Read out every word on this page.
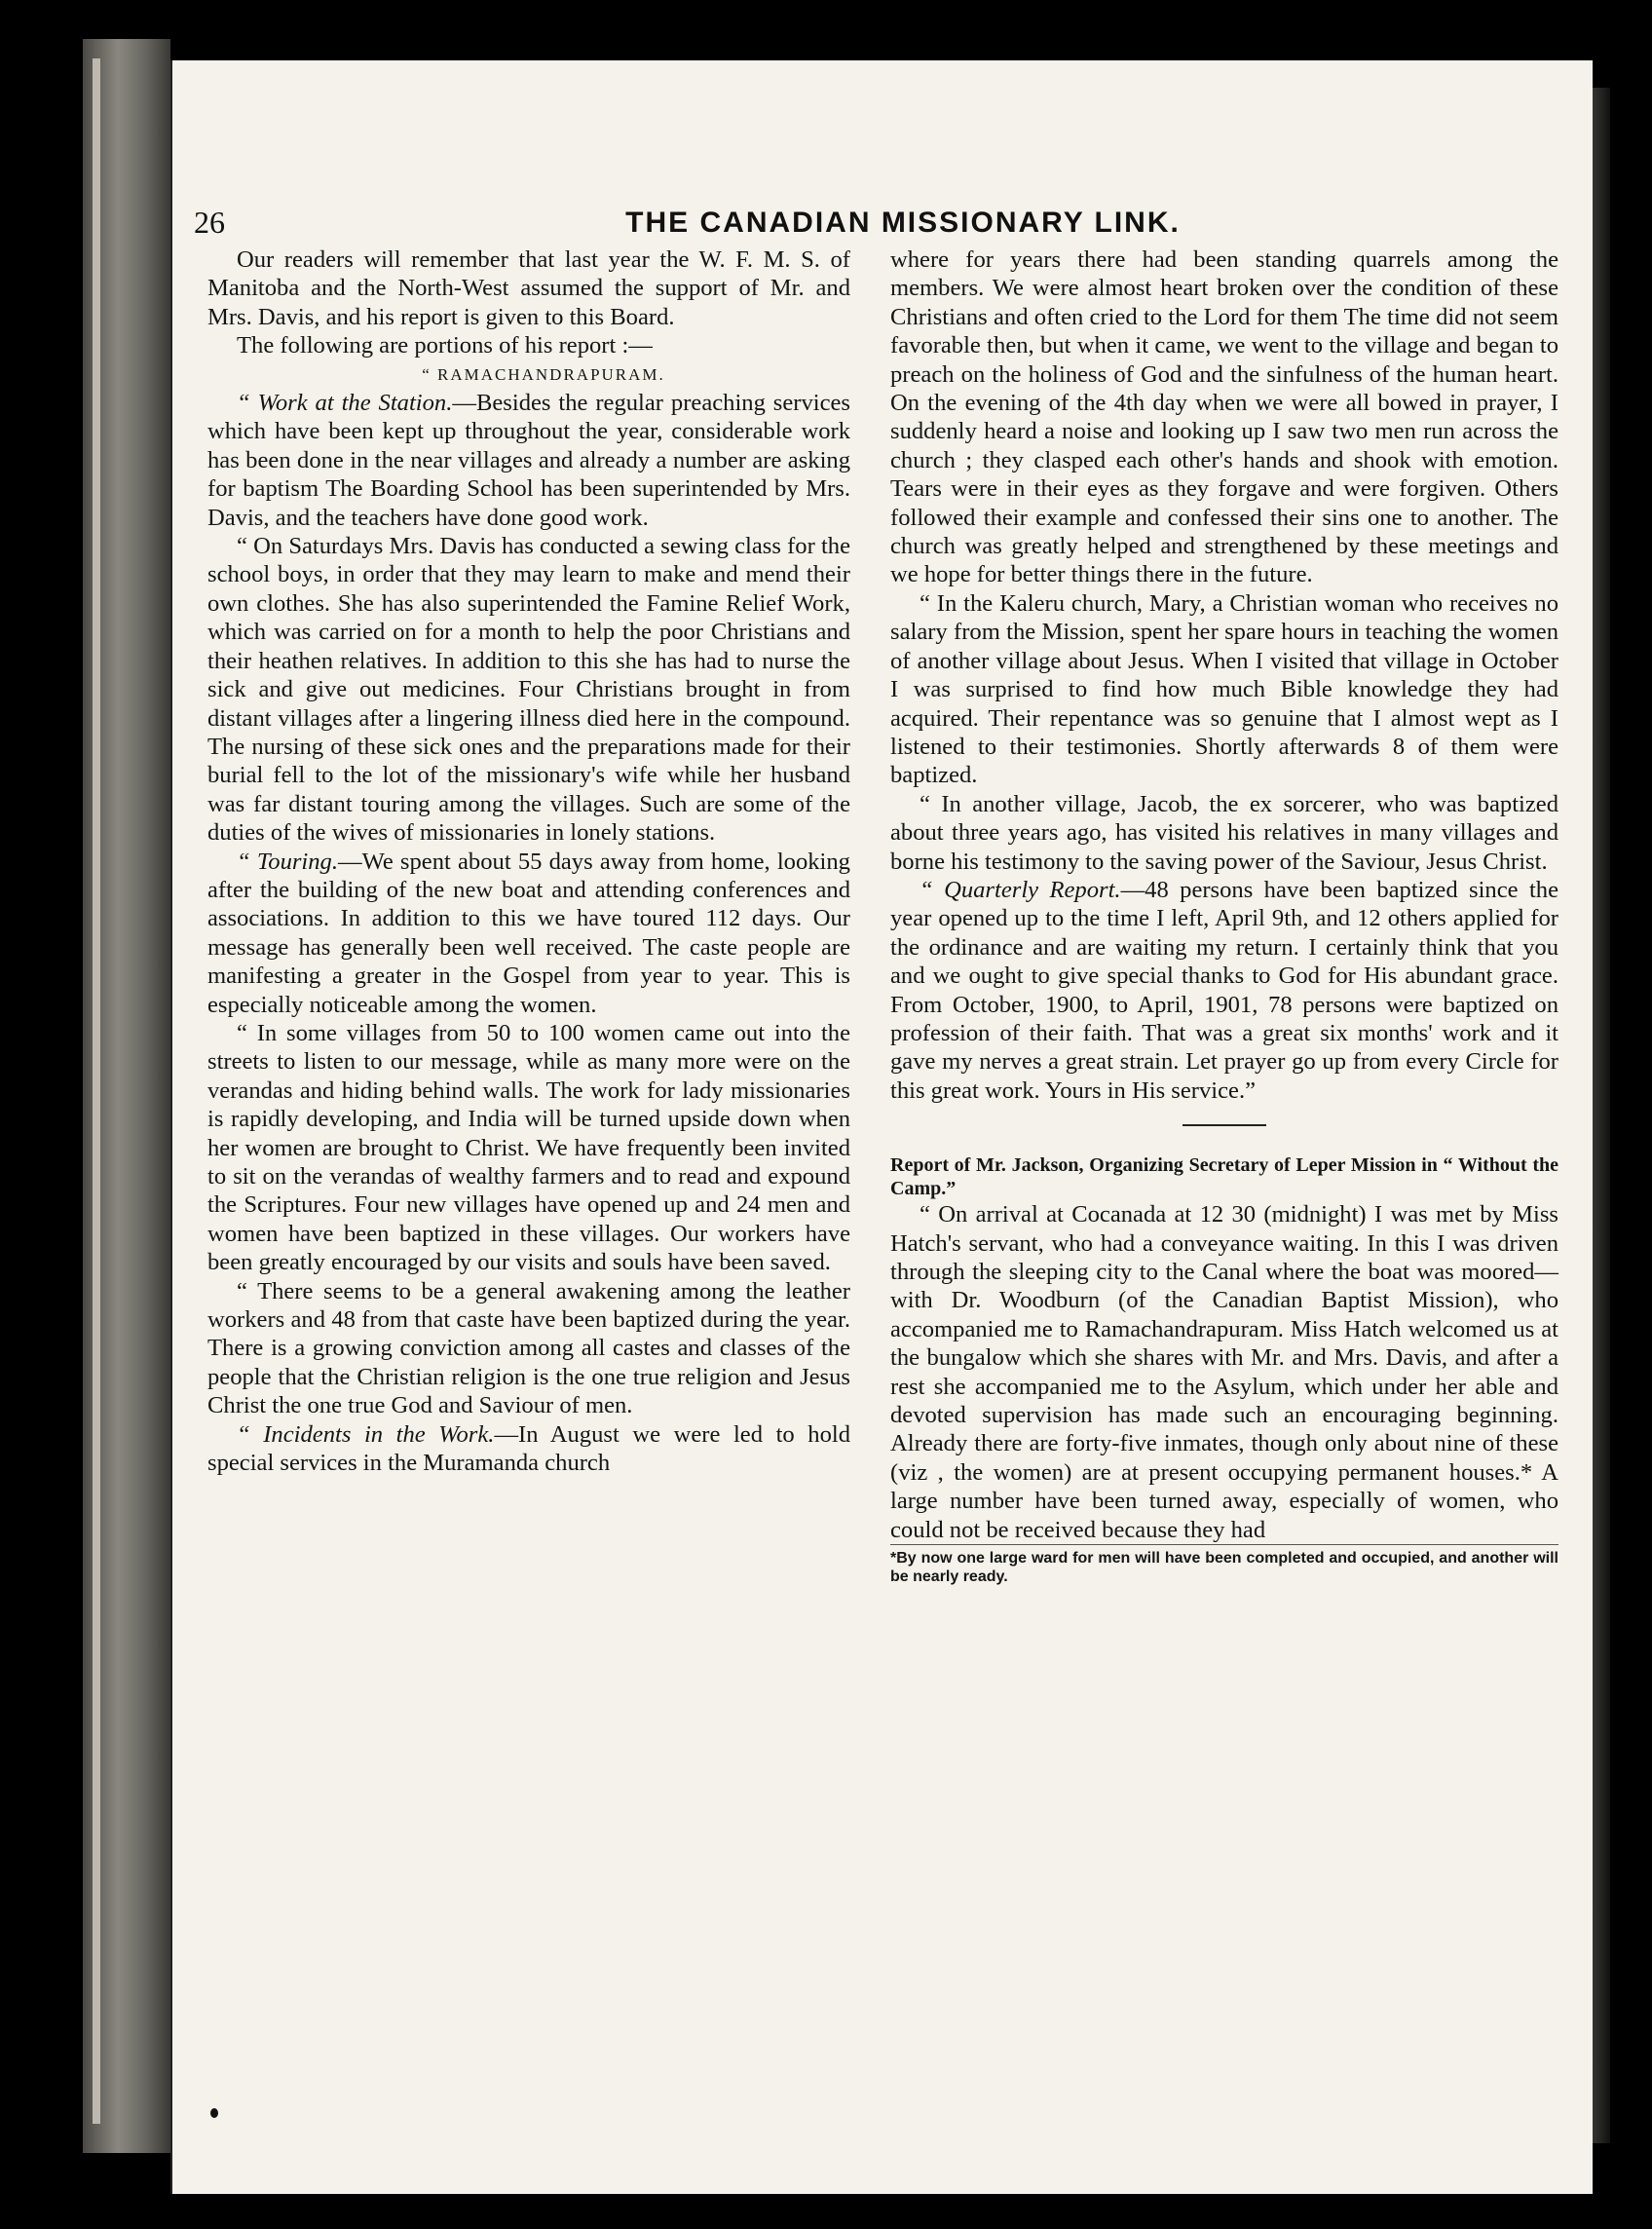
26	THE CANADIAN MISSIONARY LINK.

Our readers will remember that last year the W. F. M. S. of Manitoba and the North-West assumed the support of Mr. and Mrs. Davis, and his report is given to this Board.

The following are portions of his report :—

“ RAMACHANDRAPURAM.

“ Work at the Station.—Besides the regular preaching services which have been kept up throughout the year, considerable work has been done in the near villages and already a number are asking for baptism The Boarding School has been superintended by Mrs. Davis, and the teachers have done good work.

“ On Saturdays Mrs. Davis has conducted a sewing class for the school boys, in order that they may learn to make and mend their own clothes. She has also superintended the Famine Relief Work, which was carried on for a month to help the poor Christians and their heathen relatives. In addition to this she has had to nurse the sick and give out medicines. Four Christians brought in from distant villages after a lingering illness died here in the compound. The nursing of these sick ones and the preparations made for their burial fell to the lot of the missionary's wife while her husband was far distant touring among the villages. Such are some of the duties of the wives of missionaries in lonely stations.

“ Touring.—We spent about 55 days away from home, looking after the building of the new boat and attending conferences and associations. In addition to this we have toured 112 days. Our message has generally been well received. The caste people are manifesting a greater in the Gospel from year to year. This is especially noticeable among the women.

“ In some villages from 50 to 100 women came out into the streets to listen to our message, while as many more were on the verandas and hiding behind walls. The work for lady missionaries is rapidly developing, and India will be turned upside down when her women are brought to Christ. We have frequently been invited to sit on the verandas of wealthy farmers and to read and expound the Scriptures. Four new villages have opened up and 24 men and women have been baptized in these villages. Our workers have been greatly encouraged by our visits and souls have been saved.

“ There seems to be a general awakening among the leather workers and 48 from that caste have been baptized during the year. There is a growing conviction among all castes and classes of the people that the Christian religion is the one true religion and Jesus Christ the one true God and Saviour of men.

“ Incidents in the Work.—In August we were led to hold special services in the Muramanda church

where for years there had been standing quarrels among the members. We were almost heart broken over the condition of these Christians and often cried to the Lord for them The time did not seem favorable then, but when it came, we went to the village and began to preach on the holiness of God and the sinfulness of the human heart. On the evening of the 4th day when we were all bowed in prayer, I suddenly heard a noise and looking up I saw two men run across the church ; they clasped each other's hands and shook with emotion. Tears were in their eyes as they forgave and were forgiven. Others followed their example and confessed their sins one to another. The church was greatly helped and strengthened by these meetings and we hope for better things there in the future.

“ In the Kaleru church, Mary, a Christian woman who receives no salary from the Mission, spent her spare hours in teaching the women of another village about Jesus. When I visited that village in October I was surprised to find how much Bible knowledge they had acquired. Their repentance was so genuine that I almost wept as I listened to their testimonies. Shortly afterwards 8 of them were baptized.

“ In another village, Jacob, the ex sorcerer, who was baptized about three years ago, has visited his relatives in many villages and borne his testimony to the saving power of the Saviour, Jesus Christ.

“ Quarterly Report.—48 persons have been baptized since the year opened up to the time I left, April 9th, and 12 others applied for the ordinance and are waiting my return. I certainly think that you and we ought to give special thanks to God for His abundant grace. From October, 1900, to April, 1901, 78 persons were baptized on profession of their faith. That was a great six months' work and it gave my nerves a great strain. Let prayer go up from every Circle for this great work. Yours in His service.”

Report of Mr. Jackson, Organizing Secretary of Leper Mission in “ Without the Camp.”

“ On arrival at Cocanada at 12 30 (midnight) I was met by Miss Hatch's servant, who had a conveyance waiting. In this I was driven through the sleeping city to the Canal where the boat was moored—with Dr. Woodburn (of the Canadian Baptist Mission), who accompanied me to Ramachandrapuram. Miss Hatch welcomed us at the bungalow which she shares with Mr. and Mrs. Davis, and after a rest she accompanied me to the Asylum, which under her able and devoted supervision has made such an encouraging beginning. Already there are forty-five inmates, though only about nine of these (viz , the women) are at present occupying permanent houses.* A large number have been turned away, especially of women, who could not be received because they had

*By now one large ward for men will have been completed and occupied, and another will be nearly ready.
